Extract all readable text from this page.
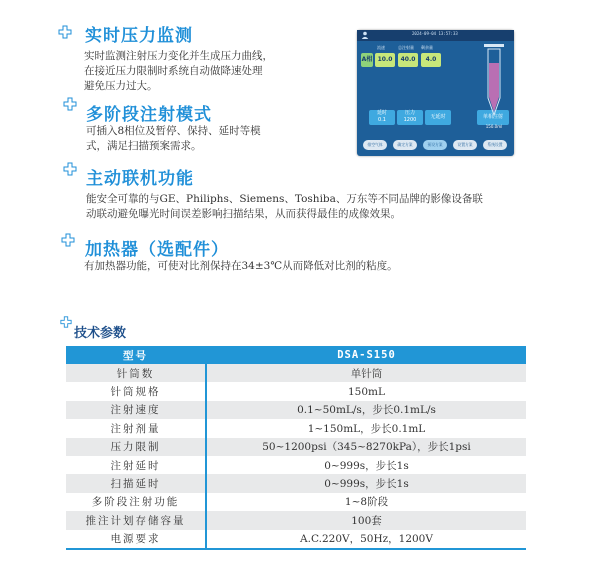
实时压力监测
实时监测注射压力变化并生成压力曲线，
在接近压力限制时系统自动做降速处理
避免压力过大。
多阶段注射模式
可插入8相位及暂停、保持、延时等模
式，满足扫描预案需求。
主动联机功能
能安全可靠的与GE、Philiphs、Siemens、Toshiba、万东等不同品牌的影像设备联
动联动避免曝光时间误差影响扫描结果，从而获得最佳的成像效果。
加热器（选配件）
有加热器功能，可使对比剂保持在34±3℃从而降低对比剂的粘度。
2024-09-04 13:57:33
流速	总注射量 剩余量
A相 10.0	40.0	4.0
延时
0.1
压力
1200	无延时	单相注射
150.0ml
排空气体	确定方案	预设方案	设置方案	系统设置
技术参数
型号	DSA-S150
针筒数	单针筒
针筒规格	150mL
注射速度	0.1~50mL/s，步长0.1mL/s
注射剂量	1~150mL，步长0.1mL
压力限制	50~1200psi（345~8270kPa），步长1psi
注射延时	0~999s，步长1s
扫描延时	0~999s，步长1s
多阶段注射功能	1~8阶段
推注计划存储容量	100套
电源要求	A.C.220V，50Hz，1200V
